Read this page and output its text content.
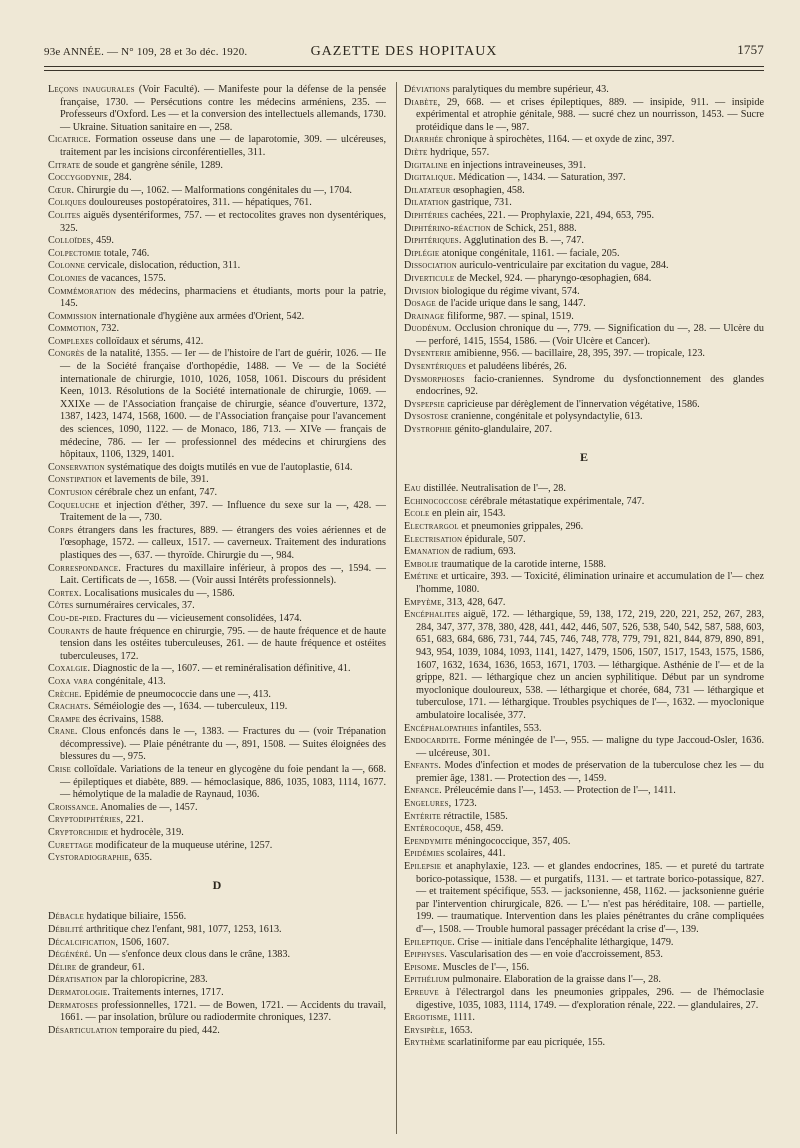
93e ANNÉE. — N° 109, 28 et 3o déc. 1920.	GAZETTE DES HOPITAUX	1757

Leçons inaugurales (Voir Faculté). — Manifeste pour la défense de la pensée française, 1730. — Persécutions contre les médecins arméniens, 235. — Professeurs d'Oxford. Les — et la conversion des intellectuels allemands, 1730. — Ukraine. Situation sanitaire en —, 258.

Cicatrice. Formation osseuse dans une — de laparotomie, 309. — ulcéreuses, traitement par les incisions circonférentielles, 311.

Citrate de soude et gangrène sénile, 1289.

Coccygodynie, 284.

Cœur. Chirurgie du —, 1062. — Malformations congénitales du —, 1704.

Coliques douloureuses postopératoires, 311. — hépatiques, 761.

Colites aiguës dysentériformes, 757. — et rectocolites graves non dysentériques, 325.

Colloïdes, 459.

Colpectomie totale, 746.

Colonne cervicale, dislocation, réduction, 311.

Colonies de vacances, 1575.

Commémoration des médecins, pharmaciens et étudiants, morts pour la patrie, 145.

Commission internationale d'hygiène aux armées d'Orient, 542.

Commotion, 732.

Complexes colloïdaux et sérums, 412.

Congrès de la natalité, 1355. — Ier — de l'histoire de l'art de guérir, 1026. — IIe — de la Société française d'orthopédie, 1488. — Ve — de la Société internationale de chirurgie, 1010, 1026, 1058, 1061. Discours du président Keen, 1013. Résolutions de la Société internationale de chirurgie, 1069. — XXIXe — de l'Association française de chirurgie, séance d'ouverture, 1372, 1387, 1423, 1474, 1568, 1600. — de l'Association française pour l'avancement des sciences, 1090, 1122. — de Monaco, 186, 713. — XIVe — français de médecine, 786. — Ier — professionnel des médecins et chirurgiens des hôpitaux, 1106, 1329, 1401.

Conservation systématique des doigts mutilés en vue de l'autoplastie, 614.

Constipation et lavements de bile, 391.

Contusion cérébrale chez un enfant, 747.

Coqueluche et injection d'éther, 397. — Influence du sexe sur la —, 428. — Traitement de la —, 730.

Corps étrangers dans les fractures, 889. — étrangers des voies aériennes et de l'œsophage, 1572. — calleux, 1517. — caverneux. Traitement des indurations plastiques des —, 637. — thyroïde. Chirurgie du —, 984.

Correspondance. Fractures du maxillaire inférieur, à propos des —, 1594. — Lait. Certificats de —, 1658. — (Voir aussi Intérêts professionnels).

Cortex. Localisations musicales du —, 1586.

Côtes surnuméraires cervicales, 37.

Cou-de-pied. Fractures du — vicieusement consolidées, 1474.

Courants de haute fréquence en chirurgie, 795. — de haute fréquence et de haute tension dans les ostéites tuberculeuses, 261. — de haute fréquence et ostéites tuberculeuses, 172.

Coxalgie. Diagnostic de la —, 1607. — et reminéralisation définitive, 41.

Coxa vara congénitale, 413.

Crèche. Epidémie de pneumococcie dans une —, 413.

Crachats. Séméiologie des —, 1634. — tuberculeux, 119.

Crampe des écrivains, 1588.

Crane. Clous enfoncés dans le —, 1383. — Fractures du — (voir Trépanation décompressive). — Plaie pénétrante du —, 891, 1508. — Suites éloignées des blessures du —, 975.

Crise colloïdale. Variations de la teneur en glycogène du foie pendant la —, 668. — épileptiques et diabète, 889. — hémoclasique, 886, 1035, 1083, 1114, 1677. — hémolytique de la maladie de Raynaud, 1036.

Croissance. Anomalies de —, 1457.

Cryptodiphtéries, 221.

Cryptorchidie et hydrocèle, 319.

Curettage modificateur de la muqueuse utérine, 1257.

Cystoradiographie, 635.

D

Débacle hydatique biliaire, 1556.

Débilité arthritique chez l'enfant, 981, 1077, 1253, 1613.

Décalcification, 1506, 1607.

Dégénéré. Un — s'enfonce deux clous dans le crâne, 1383.

Délire de grandeur, 61.

Dératisation par la chloropicrine, 283.

Dermatologie. Traitements internes, 1717.

Dermatoses professionnelles, 1721. — de Bowen, 1721. — Accidents du travail, 1661. — par insolation, brûlure ou radiodermite chroniques, 1237.

Désarticulation temporaire du pied, 442.

Déviations paralytiques du membre supérieur, 43.

Diabète, 29, 668. — et crises épileptiques, 889. — insipide, 911. — insipide expérimental et atrophie génitale, 988. — sucré chez un nourrisson, 1453. — Sucre protéidique dans le —, 987.

Diarrhée chronique à spirochètes, 1164. — et oxyde de zinc, 397.

Diète hydrique, 557.

Digitaline en injections intraveineuses, 391.

Digitalique. Médication —, 1434. — Saturation, 397.

Dilatateur œsophagien, 458.

Dilatation gastrique, 731.

Diphtéries cachées, 221. — Prophylaxie, 221, 494, 653, 795.

Diphtérino-réaction de Schick, 251, 888.

Diphtériques. Agglutination des B. —, 747.

Diplégie atonique congénitale, 1161. — faciale, 205.

Dissociation auriculo-ventriculaire par excitation du vague, 284.

Diverticule de Meckel, 924. — pharyngo-œsophagien, 684.

Division biologique du régime vivant, 574.

Dosage de l'acide urique dans le sang, 1447.

Drainage filiforme, 987. — spinal, 1519.

Duodénum. Occlusion chronique du —, 779. — Signification du —, 28. — Ulcère du — perforé, 1415, 1554, 1586. — (Voir Ulcère et Cancer).

Dysenterie amibienne, 956. — bacillaire, 28, 395, 397. — tropicale, 123.

Dysentériques et paludéens libérés, 26.

Dysmorphoses facio-craniennes. Syndrome du dysfonctionnement des glandes endocrines, 92.

Dyspepsie capricieuse par dérèglement de l'innervation végétative, 1586.

Dysostose cranienne, congénitale et polysyndactylie, 613.

Dystrophie génito-glandulaire, 207.

E

Eau distillée. Neutralisation de l'—, 28.

Echinococcose cérébrale métastatique expérimentale, 747.

Ecole en plein air, 1543.

Electrargol et pneumonies grippales, 296.

Electrisation épidurale, 507.

Emanation de radium, 693.

Embolie traumatique de la carotide interne, 1588.

Emétine et urticaire, 393. — Toxicité, élimination urinaire et accumulation de l'— chez l'homme, 1080.

Empyème, 313, 428, 647.

Encéphalites aiguë, 172. — léthargique, 59, 138, 172, 219, 220, 221, 252, 267, 283, 284, 347, 377, 378, 380, 428, 441, 442, 446, 507, 526, 538, 540, 542, 587, 588, 603, 651, 683, 684, 686, 731, 744, 745, 746, 748, 778, 779, 791, 821, 844, 879, 890, 891, 943, 954, 1039, 1084, 1093, 1141, 1427, 1479, 1506, 1507, 1517, 1543, 1575, 1586, 1607, 1632, 1634, 1636, 1653, 1671, 1703. — léthargique. Asthénie de l'— et de la grippe, 821. — léthargique chez un ancien syphilitique. Début par un syndrome myoclonique douloureux, 538. — léthargique et chorée, 684, 731 — léthargique et tuberculose, 171. — léthargique. Troubles psychiques de l'—, 1632. — myoclonique ambulatoire localisée, 377.

Encéphalopathies infantiles, 553.

Endocardite. Forme méningée de l'—, 955. — maligne du type Jaccoud-Osler, 1636. — ulcéreuse, 301.

Enfants. Modes d'infection et modes de préservation de la tuberculose chez les — du premier âge, 1381. — Protection des —, 1459.

Enfance. Préleucémie dans l'—, 1453. — Protection de l'—, 1411.

Engelures, 1723.

Entérite rétractile, 1585.

Entérocoque, 458, 459.

Ependymite méningococcique, 357, 405.

Epidémies scolaires, 441.

Epilepsie et anaphylaxie, 123. — et glandes endocrines, 185. — et pureté du tartrate borico-potassique, 1538. — et purgatifs, 1131. — et tartrate borico-potassique, 827. — et traitement spécifique, 553. — jacksonienne, 458, 1162. — jacksonienne guérie par l'intervention chirurgicale, 826. — L'— n'est pas héréditaire, 108. — partielle, 199. — traumatique. Intervention dans les plaies pénétrantes du crâne compliquées d'—, 1508. — Trouble humoral passager précédant la crise d'—, 139.

Epileptique. Crise — initiale dans l'encéphalite léthargique, 1479.

Epiphyses. Vascularisation des — en voie d'accroissement, 853.

Episome. Muscles de l'—, 156.

Epithélium pulmonaire. Elaboration de la graisse dans l'—, 28.

Epreuve à l'électrargol dans les pneumonies grippales, 296. — de l'hémoclasie digestive, 1035, 1083, 1114, 1749. — d'exploration rénale, 222. — glandulaires, 27.

Ergotisme, 1111.

Erysipèle, 1653.

Erythème scarlatiniforme par eau picriquée, 155.
